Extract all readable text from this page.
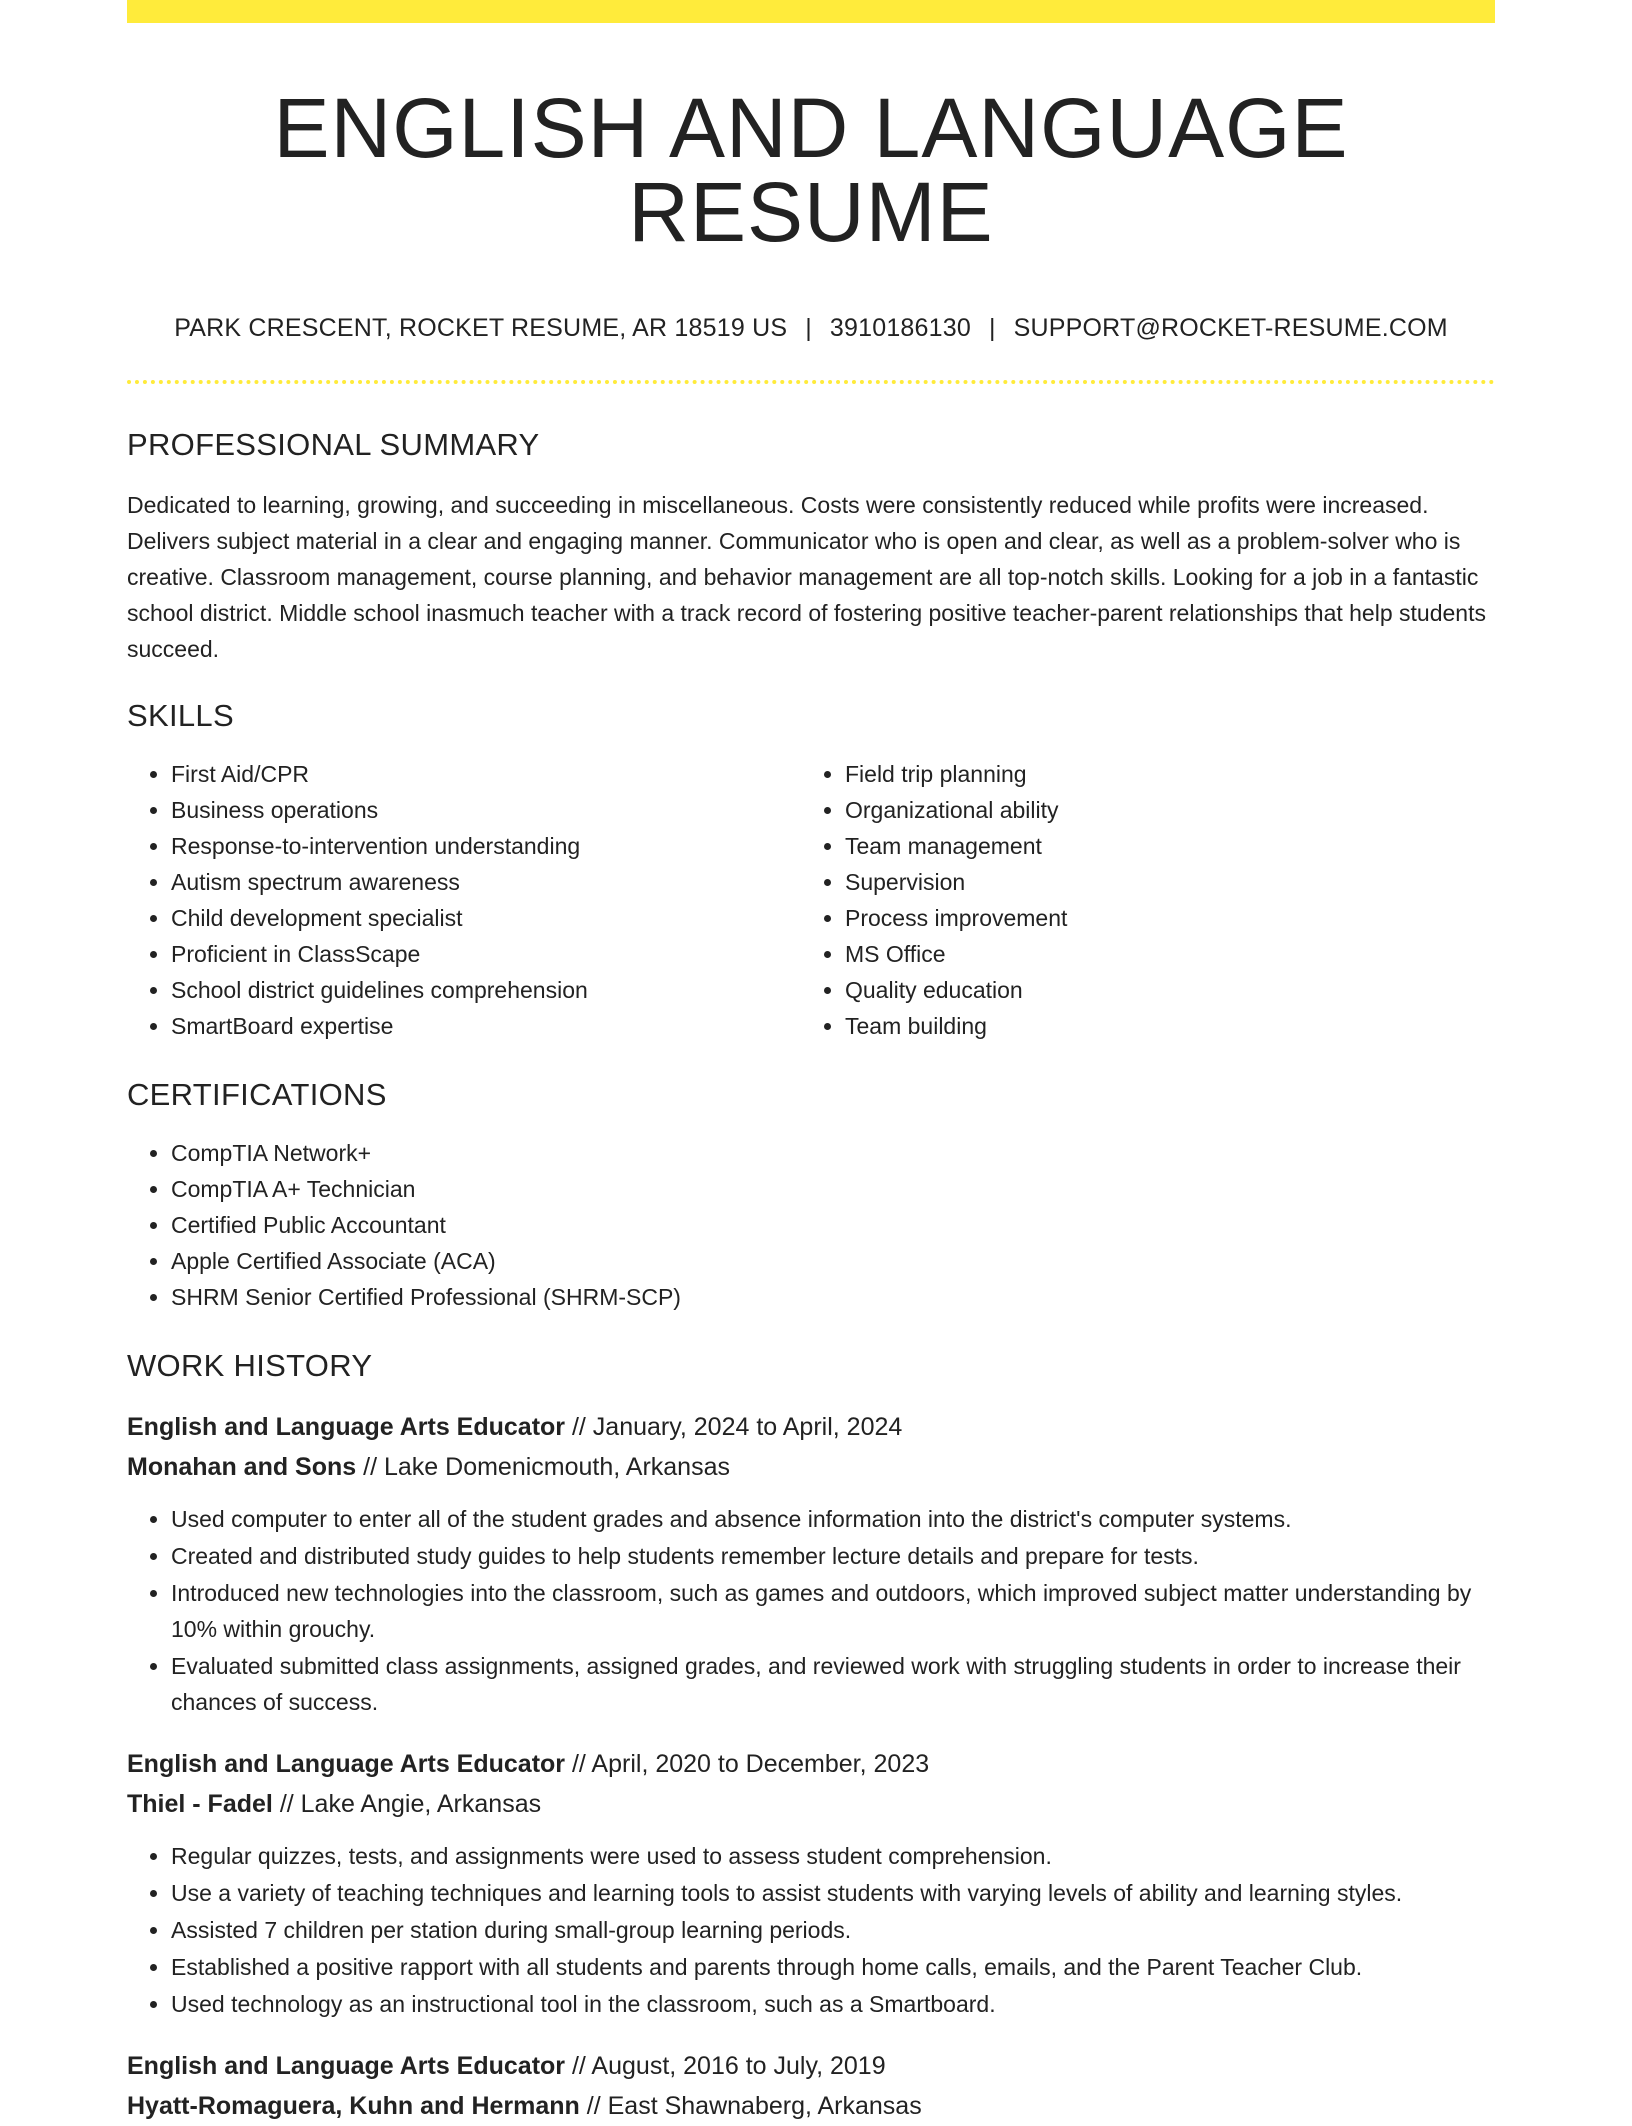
ENGLISH AND LANGUAGE RESUME
PARK CRESCENT, ROCKET RESUME, AR 18519 US | 3910186130 | SUPPORT@ROCKET-RESUME.COM
PROFESSIONAL SUMMARY
Dedicated to learning, growing, and succeeding in miscellaneous. Costs were consistently reduced while profits were increased. Delivers subject material in a clear and engaging manner. Communicator who is open and clear, as well as a problem-solver who is creative. Classroom management, course planning, and behavior management are all top-notch skills. Looking for a job in a fantastic school district. Middle school inasmuch teacher with a track record of fostering positive teacher-parent relationships that help students succeed.
SKILLS
• First Aid/CPR
• Business operations
• Response-to-intervention understanding
• Autism spectrum awareness
• Child development specialist
• Proficient in ClassScape
• School district guidelines comprehension
• SmartBoard expertise
• Field trip planning
• Organizational ability
• Team management
• Supervision
• Process improvement
• MS Office
• Quality education
• Team building
CERTIFICATIONS
• CompTIA Network+
• CompTIA A+ Technician
• Certified Public Accountant
• Apple Certified Associate (ACA)
• SHRM Senior Certified Professional (SHRM-SCP)
WORK HISTORY
English and Language Arts Educator // January, 2024 to April, 2024
Monahan and Sons // Lake Domenicmouth, Arkansas
• Used computer to enter all of the student grades and absence information into the district's computer systems.
• Created and distributed study guides to help students remember lecture details and prepare for tests.
• Introduced new technologies into the classroom, such as games and outdoors, which improved subject matter understanding by 10% within grouchy.
• Evaluated submitted class assignments, assigned grades, and reviewed work with struggling students in order to increase their chances of success.
English and Language Arts Educator // April, 2020 to December, 2023
Thiel - Fadel // Lake Angie, Arkansas
• Regular quizzes, tests, and assignments were used to assess student comprehension.
• Use a variety of teaching techniques and learning tools to assist students with varying levels of ability and learning styles.
• Assisted 7 children per station during small-group learning periods.
• Established a positive rapport with all students and parents through home calls, emails, and the Parent Teacher Club.
• Used technology as an instructional tool in the classroom, such as a Smartboard.
English and Language Arts Educator // August, 2016 to July, 2019
Hyatt-Romaguera, Kuhn and Hermann // East Shawnaberg, Arkansas
